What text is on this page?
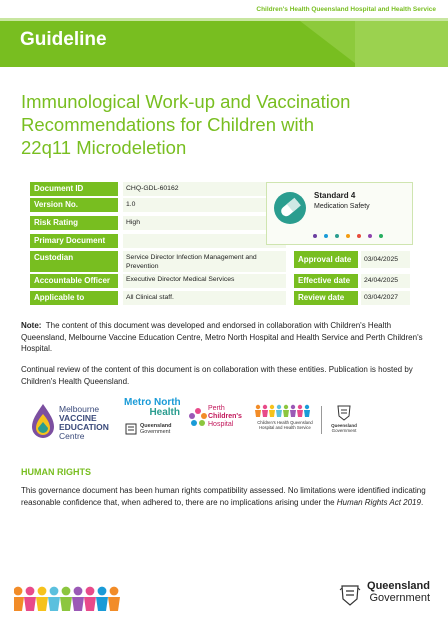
Children's Health Queensland Hospital and Health Service
Guideline
Immunological Work-up and Vaccination
Recommendations for Children with
22q11 Microdeletion
Document ID	CHQ-GDL-60162
Version No.	1.0
Risk Rating	High
Primary Document
Custodian	Service Director Infection Management and Prevention
Accountable Officer	Executive Director Medical Services
Applicable to	All Clinical staff.
Approval date	03/04/2025
Effective date	24/04/2025
Review date	03/04/2027
Standard 4
Medication Safety
Note: The content of this document was developed and endorsed in collaboration with Children's Health Queensland, Melbourne Vaccine Education Centre, Metro North Hospital and Health Service and Perth Children's Hospital.
Continual review of the content of this document is on collaboration with these entities. Publication is hosted by Children's Health Queensland.
Melbourne
VACCINE
EDUCATION
Centre
Metro North
Health
Queensland
Government
Perth
Children's
Hospital	Children's Health Queensland
Hospital and Health Service	Queensland
Government
HUMAN RIGHTS
This governance document has been human rights compatibility assessed. No limitations were identified indicating reasonable confidence that, when adhered to, there are no implications arising under the Human Rights Act 2019.
Queensland
Government
